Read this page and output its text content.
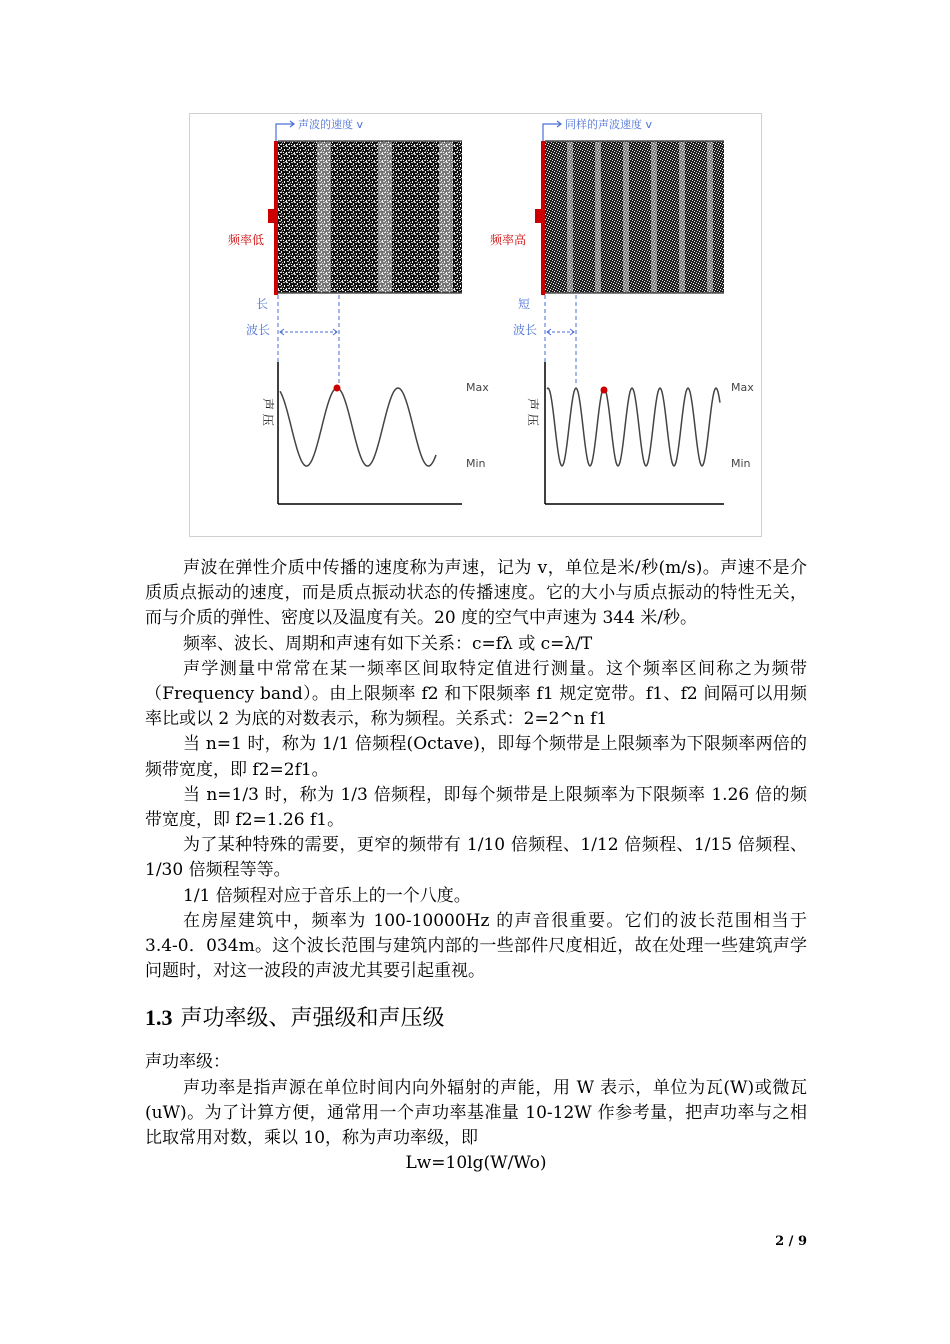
声波的速度 v
频率低
长
波长
声 压
Max
Min
同样的声波速度 v
频率高
短
波长
声 压
Max
Min

声波在弹性介质中传播的速度称为声速，记为 v，单位是米/秒(m/s)。声速不是介质质点振动的速度，而是质点振动状态的传播速度。它的大小与质点振动的特性无关，而与介质的弹性、密度以及温度有关。20 度的空气中声速为 344 米/秒。

频率、波长、周期和声速有如下关系：c=fλ 或 c=λ/T

声学测量中常常在某一频率区间取特定值进行测量。这个频率区间称之为频带（Frequency band）。由上限频率 f2 和下限频率 f1 规定宽带。f1、f2 间隔可以用频率比或以 2 为底的对数表示，称为频程。关系式：2=2^n f1

当 n=1 时，称为 1/1 倍频程(Octave)，即每个频带是上限频率为下限频率两倍的频带宽度，即 f2=2f1。

当 n=1/3 时，称为 1/3 倍频程，即每个频带是上限频率为下限频率 1.26 倍的频带宽度，即 f2=1.26 f1。

为了某种特殊的需要，更窄的频带有 1/10 倍频程、1/12 倍频程、1/15 倍频程、1/30 倍频程等等。

1/1 倍频程对应于音乐上的一个八度。

在房屋建筑中，频率为 100-10000Hz 的声音很重要。它们的波长范围相当于 3.4-0．034m。这个波长范围与建筑内部的一些部件尺度相近，故在处理一些建筑声学问题时，对这一波段的声波尤其要引起重视。

1.3 声功率级、声强级和声压级

声功率级：

声功率是指声源在单位时间内向外辐射的声能，用 W 表示，单位为瓦(W)或微瓦(uW)。为了计算方便，通常用一个声功率基准量 10-12W 作参考量，把声功率与之相比取常用对数，乘以 10，称为声功率级，即

Lw=10lg(W/Wo)

2 / 9
